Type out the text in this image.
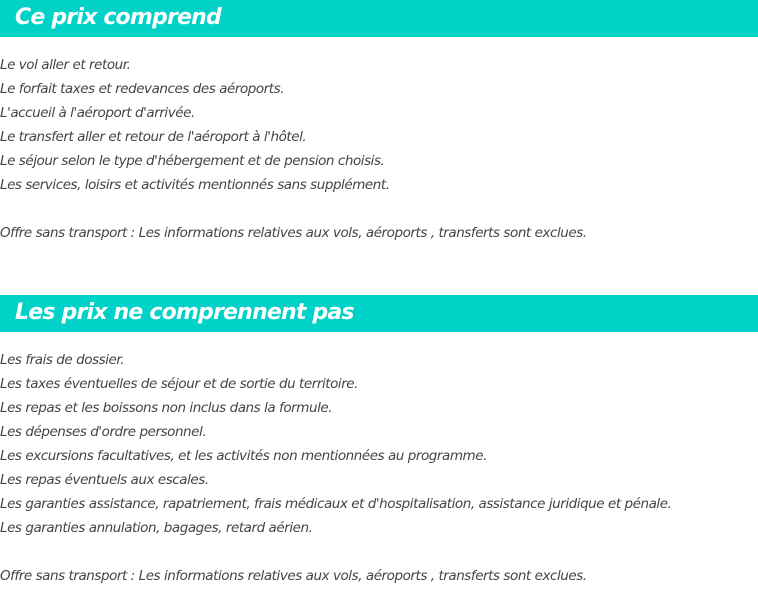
Ce prix comprend
Le vol aller et retour.
Le forfait taxes et redevances des aéroports.
L'accueil à l'aéroport d'arrivée.
Le transfert aller et retour de l'aéroport à l'hôtel.
Le séjour selon le type d'hébergement et de pension choisis.
Les services, loisirs et activités mentionnés sans supplément.
Offre sans transport : Les informations relatives aux vols, aéroports , transferts sont exclues.
Les prix ne comprennent pas
Les frais de dossier.
Les taxes éventuelles de séjour et de sortie du territoire.
Les repas et les boissons non inclus dans la formule.
Les dépenses d'ordre personnel.
Les excursions facultatives, et les activités non mentionnées au programme.
Les repas éventuels aux escales.
Les garanties assistance, rapatriement, frais médicaux et d'hospitalisation, assistance juridique et pénale.
Les garanties annulation, bagages, retard aérien.
Offre sans transport : Les informations relatives aux vols, aéroports , transferts sont exclues.
